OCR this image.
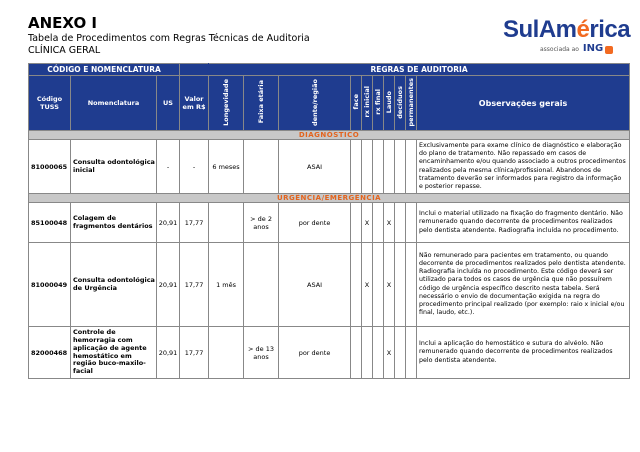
ANEXO I
Tabela de Procedimentos com Regras Técnicas de Auditoria
CLÍNICA GERAL
SulAmérica
associada ao ING
CÓDIGO E NOMENCLATURA				REGRAS DE AUDITORIA									
Código TUSS	Nomenclatura	US	Valor em R$	Longevidade	Faixa etária	dente/região	face	rx inicial	rx final	Laudo	decíduos	permanentes	Observações gerais
DIAGNÓSTICO													
81000065	Consulta odontológica inicial	-	-	6 meses		ASAI							Exclusivamente para exame clínico de diagnóstico e elaboração do plano de tratamento. Não repassado em casos de encaminhamento e/ou quando associado a outros procedimentos realizados pela mesma clínica/profissional. Abandonos de tratamento deverão ser informados para registro da informação e posterior repasse.
URGÊNCIA/EMERGÊNCIA													
85100048	Colagem de fragmentos dentários	20,91	17,77		> de 2 anos	por dente		X		X			Inclui o material utilizado na fixação do fragmento dentário. Não remunerado quando decorrente de procedimentos realizados pelo dentista atendente. Radiografia incluída no procedimento.
81000049	Consulta odontológica de Urgência	20,91	17,77	1 mês		ASAI		X		X			Não remunerado para pacientes em tratamento, ou quando decorrente de procedimentos realizados pelo dentista atendente. Radiografia incluída no procedimento. Este código deverá ser utilizado para todos os casos de urgência que não possuírem código de urgência específico descrito nesta tabela. Será necessário o envio de documentação exigida na regra do procedimento principal realizado (por exemplo: raio x inicial e/ou final, laudo, etc.).
82000468	Controle de hemorragia com aplicação de agente hemostático em região buco-maxilo-facial	20,91	17,77		> de 13 anos	por dente				X			Inclui a aplicação do hemostático e sutura do alvéolo. Não remunerado quando decorrente de procedimentos realizados pelo dentista atendente.
